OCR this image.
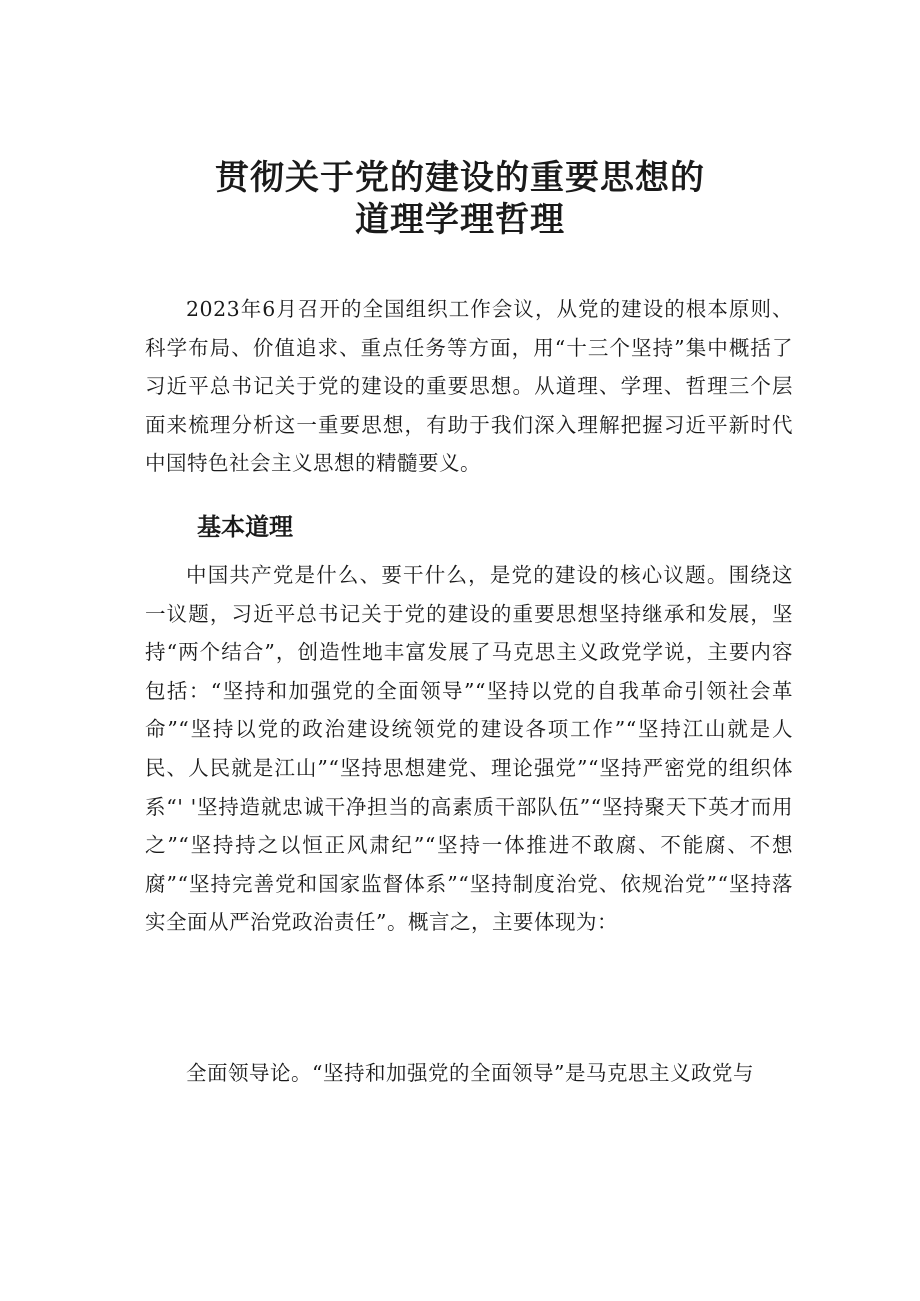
贯彻关于党的建设的重要思想的
道理学理哲理

2023年6月召开的全国组织工作会议，从党的建设的根本原则、科学布局、价值追求、重点任务等方面，用“十三个坚持”集中概括了习近平总书记关于党的建设的重要思想。从道理、学理、哲理三个层面来梳理分析这一重要思想，有助于我们深入理解把握习近平新时代中国特色社会主义思想的精髓要义。

基本道理

中国共产党是什么、要干什么，是党的建设的核心议题。围绕这一议题，习近平总书记关于党的建设的重要思想坚持继承和发展，坚持“两个结合”，创造性地丰富发展了马克思主义政党学说，主要内容包括：“坚持和加强党的全面领导”“坚持以党的自我革命引领社会革命”“坚持以党的政治建设统领党的建设各项工作”“坚持江山就是人民、人民就是江山”“坚持思想建党、理论强党”“坚持严密党的组织体系“' '坚持造就忠诚干净担当的高素质干部队伍”“坚持聚天下英才而用之”“坚持持之以恒正风肃纪”“坚持一体推进不敢腐、不能腐、不想腐”“坚持完善党和国家监督体系”“坚持制度治党、依规治党”“坚持落实全面从严治党政治责任”。概言之，主要体现为：

全面领导论。“坚持和加强党的全面领导”是马克思主义政党与
